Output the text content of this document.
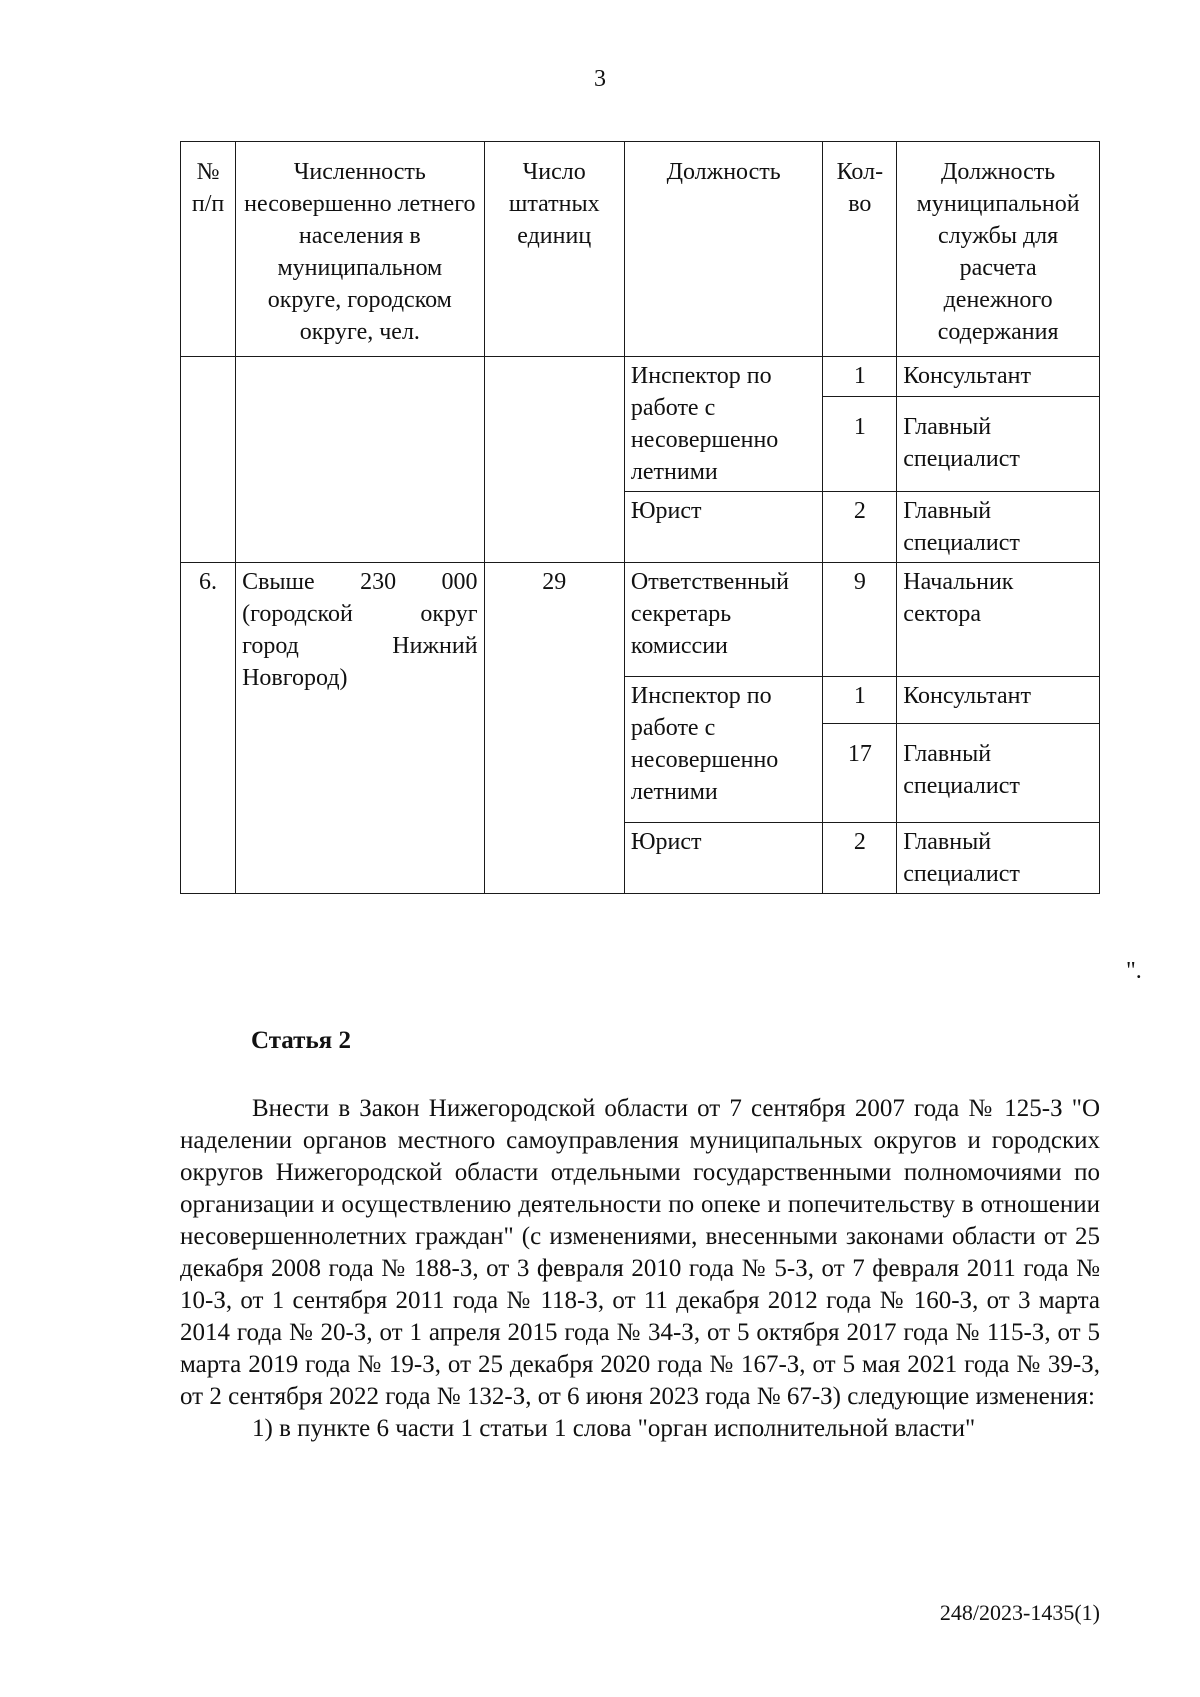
3
№ п/п	Численность несовершенно летнего населения в муниципальном округе, городском округе, чел.	Число штатных единиц	Должность	Кол-во	Должность муниципальной службы для расчета денежного содержания
			Инспектор по работе с несовершенно летними	1	Консультант
				1	Главный специалист
			Юрист	2	Главный специалист
6.	Свыше 230 000 (городской округ город Нижний Новгород)	29	Ответственный секретарь комиссии	9	Начальник сектора
			Инспектор по работе с несовершенно летними	1	Консультант
				17	Главный специалист
			Юрист	2	Главный специалист
".
Статья 2

Внести в Закон Нижегородской области от 7 сентября 2007 года № 125-З "О наделении органов местного самоуправления муниципальных округов и городских округов Нижегородской области отдельными государственными полномочиями по организации и осуществлению деятельности по опеке и попечительству в отношении несовершеннолетних граждан" (с изменениями, внесенными законами области от 25 декабря 2008 года № 188-З, от 3 февраля 2010 года № 5-З, от 7 февраля 2011 года № 10-З, от 1 сентября 2011 года № 118-З, от 11 декабря 2012 года № 160-З, от 3 марта 2014 года № 20-З, от 1 апреля 2015 года № 34-З, от 5 октября 2017 года № 115-З, от 5 марта 2019 года № 19-З, от 25 декабря 2020 года № 167-З, от 5 мая 2021 года № 39-З, от 2 сентября 2022 года № 132-З, от 6 июня 2023 года № 67-З) следующие изменения:

1) в пункте 6 части 1 статьи 1 слова "орган исполнительной власти"

248/2023-1435(1)
